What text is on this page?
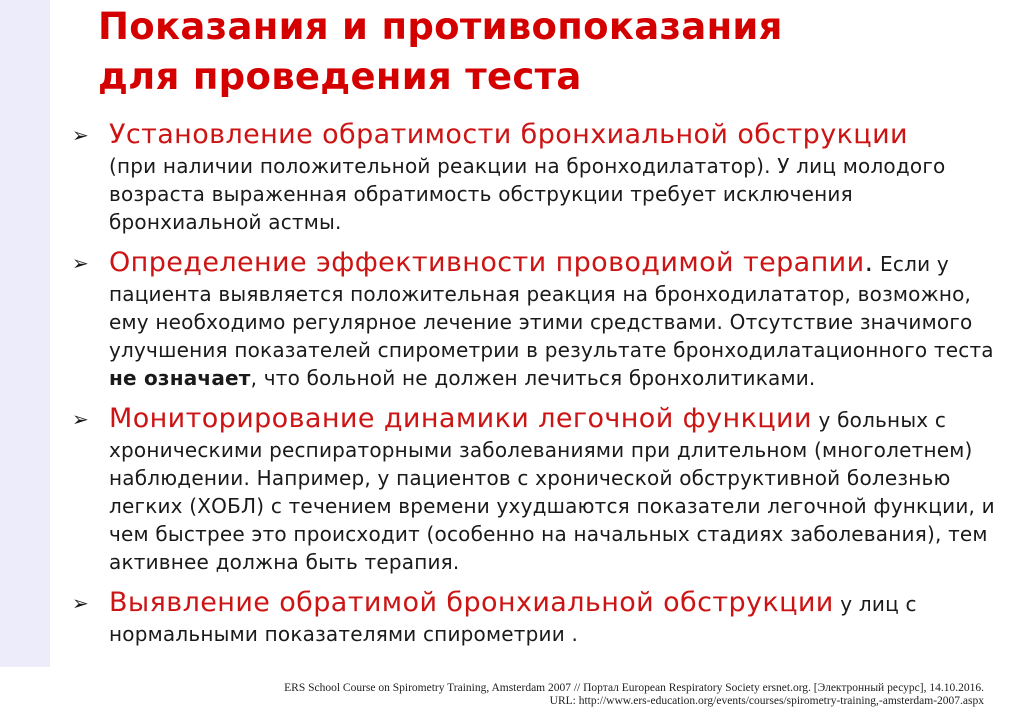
Показания и противопоказания
для проведения теста
➢ Установление обратимости бронхиальной обструкции
(при наличии положительной реакции на бронходилататор). У лиц молодого возраста выраженная обратимость обструкции требует исключения бронхиальной астмы.
➢ Определение эффективности проводимой терапии. Если у пациента выявляется положительная реакция на бронходилататор, возможно, ему необходимо регулярное лечение этими средствами. Отсутствие значимого улучшения показателей спирометрии в результате бронходилатационного теста не означает, что больной не должен лечиться бронхолитиками.
➢ Мониторирование динамики легочной функции у больных с хроническими респираторными заболеваниями при длительном (многолетнем) наблюдении. Например, у пациентов с хронической обструктивной болезнью легких (ХОБЛ) с течением времени ухудшаются показатели легочной функции, и чем быстрее это происходит (особенно на начальных стадиях заболевания), тем активнее должна быть терапия.
➢ Выявление обратимой бронхиальной обструкции у лиц с нормальными показателями спирометрии .
ERS School Course on Spirometry Training, Amsterdam 2007 // Портал European Respiratory Society ersnet.org. [Электронный ресурс], 14.10.2016.
URL: http://www.ers-education.org/events/courses/spirometry-training,-amsterdam-2007.aspx
